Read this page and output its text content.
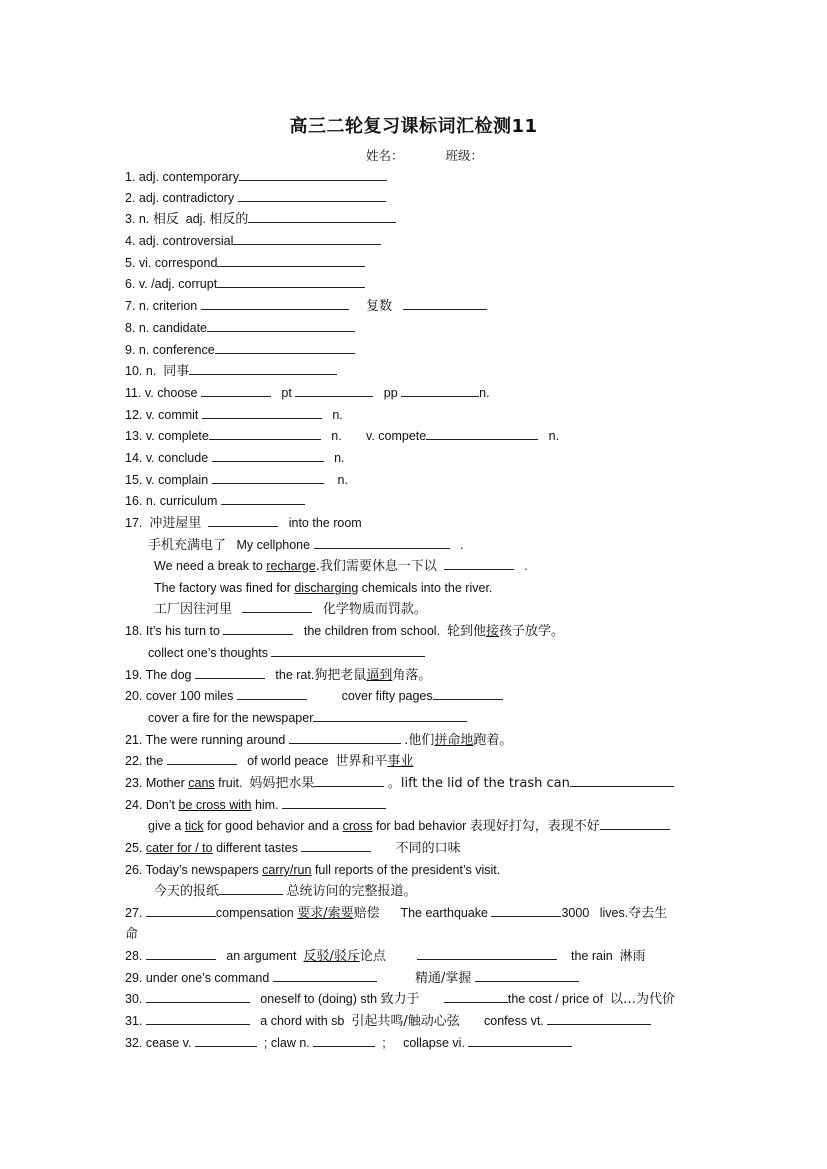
高三二轮复习课标词汇检测11
姓名：	班级：
1. adj. contemporary
2. adj. contradictory
3. n. 相反 adj. 相反的
4. adj. controversial
5. vi. correspond
6. v. /adj. corrupt
7. n. criterion	复数
8. n. candidate
9. n. conference
10. n. 同事
11. v. choose	pt	pp	n.
12. v. commit	n.
13. v. complete	n. v. compete	n.
14. v. conclude	n.
15. v. complain	n.
16. n. curriculum
17. 冲进屋里	into the room
手机充满电了 My cellphone	.
We need a break to recharge.我们需要休息一下以	.
The factory was fined for discharging chemicals into the river.
工厂因往河里	化学物质而罚款。
18. It’s his turn to	the children from school. 轮到他接孩子放学。
collect one’s thoughts
19. The dog	the rat.狗把老鼠逼到角落。
20. cover 100 miles	cover fifty pages
cover a fire for the newspaper
21. The were running around	.他们拼命地跑着。
22. the	of world peace 世界和平事业
23. Mother cans fruit. 妈妈把水果	。lift the lid of the trash can
24. Don’t be cross with him.
give a tick for good behavior and a cross for bad behavior 表现好打勾，表现不好
25. cater for / to different tastes	不同的口味
26. Today’s newspapers carry/run full reports of the president’s visit.
今天的报纸	总统访问的完整报道。
27.	compensation 要求/索要赔偿 The earthquake	3000 lives.夺去生
命
28.	an argument 反驳/驳斥论点	the rain 淋雨
29. under one’s command	精通/掌握
30.	oneself to (doing) sth 致力于	the cost / price of 以…为代价
31.	a chord with sb 引起共鸣/触动心弦 confess vt.
32. cease v.	; claw n.	; collapse vi.
